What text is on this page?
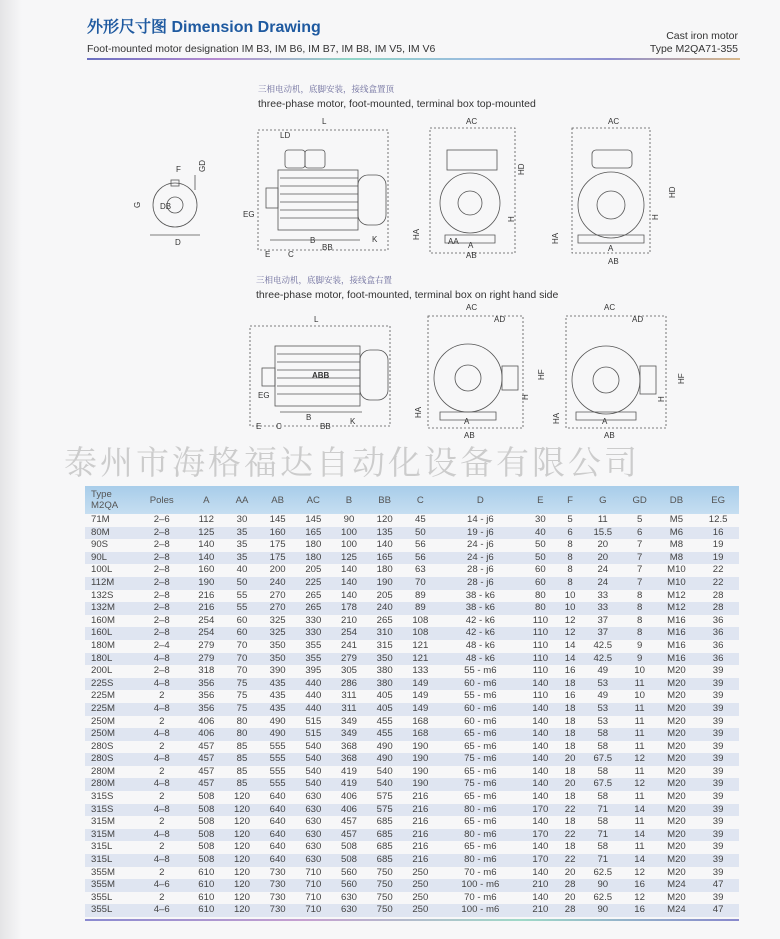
外形尺寸图 Dimension Drawing
Foot-mounted motor designation IM B3, IM B6, IM B7, IM B8, IM V5, IM V6
Cast iron motor
Type M2QA71-355
三相电动机，底脚安装，接线盒置顶
three-phase motor, foot-mounted, terminal box top-mounted
三相电动机，底脚安装，接线盒右置
three-phase motor, foot-mounted, terminal box on right hand side
F GD
G DB
D
L
LD
EG
E C
B
BB
K
AC
HD
H
HA
AA A
AB
AC
HD
H
HA
A
AB
L
EG
E C
B
BB
K
ABB
AC
AD
HF
H
HA
A
AB
AC
AD
HF
H
HA	A
AB
泰州市海格福达自动化设备有限公司
Type M2QA	Poles	A	AA	AB	AC	B	BB	C	D	E	F	G	GD	DB	EG
71M	2–6	112	30	145	145	90	120	45	14 - j6	30	5	11	5	M5	12.5
80M	2–8	125	35	160	165	100	135	50	19 - j6	40	6	15.5	6	M6	16
90S	2–8	140	35	175	180	100	140	56	24 - j6	50	8	20	7	M8	19
90L	2–8	140	35	175	180	125	165	56	24 - j6	50	8	20	7	M8	19
100L	2–8	160	40	200	205	140	180	63	28 - j6	60	8	24	7	M10	22
112M	2–8	190	50	240	225	140	190	70	28 - j6	60	8	24	7	M10	22
132S	2–8	216	55	270	265	140	205	89	38 - k6	80	10	33	8	M12	28
132M	2–8	216	55	270	265	178	240	89	38 - k6	80	10	33	8	M12	28
160M	2–8	254	60	325	330	210	265	108	42 - k6	110	12	37	8	M16	36
160L	2–8	254	60	325	330	254	310	108	42 - k6	110	12	37	8	M16	36
180M	2–4	279	70	350	355	241	315	121	48 - k6	110	14	42.5	9	M16	36
180L	4–8	279	70	350	355	279	350	121	48 - k6	110	14	42.5	9	M16	36
200L	2–8	318	70	390	395	305	380	133	55 - m6	110	16	49	10	M20	39
225S	4–8	356	75	435	440	286	380	149	60 - m6	140	18	53	11	M20	39
225M	2	356	75	435	440	311	405	149	55 - m6	110	16	49	10	M20	39
225M	4–8	356	75	435	440	311	405	149	60 - m6	140	18	53	11	M20	39
250M	2	406	80	490	515	349	455	168	60 - m6	140	18	53	11	M20	39
250M	4–8	406	80	490	515	349	455	168	65 - m6	140	18	58	11	M20	39
280S	2	457	85	555	540	368	490	190	65 - m6	140	18	58	11	M20	39
280S	4–8	457	85	555	540	368	490	190	75 - m6	140	20	67.5	12	M20	39
280M	2	457	85	555	540	419	540	190	65 - m6	140	18	58	11	M20	39
280M	4–8	457	85	555	540	419	540	190	75 - m6	140	20	67.5	12	M20	39
315S	2	508	120	640	630	406	575	216	65 - m6	140	18	58	11	M20	39
315S	4–8	508	120	640	630	406	575	216	80 - m6	170	22	71	14	M20	39
315M	2	508	120	640	630	457	685	216	65 - m6	140	18	58	11	M20	39
315M	4–8	508	120	640	630	457	685	216	80 - m6	170	22	71	14	M20	39
315L	2	508	120	640	630	508	685	216	65 - m6	140	18	58	11	M20	39
315L	4–8	508	120	640	630	508	685	216	80 - m6	170	22	71	14	M20	39
355M	2	610	120	730	710	560	750	250	70 - m6	140	20	62.5	12	M20	39
355M	4–6	610	120	730	710	560	750	250	100 - m6	210	28	90	16	M24	47
355L	2	610	120	730	710	630	750	250	70 - m6	140	20	62.5	12	M20	39
355L	4–6	610	120	730	710	630	750	250	100 - m6	210	28	90	16	M24	47
